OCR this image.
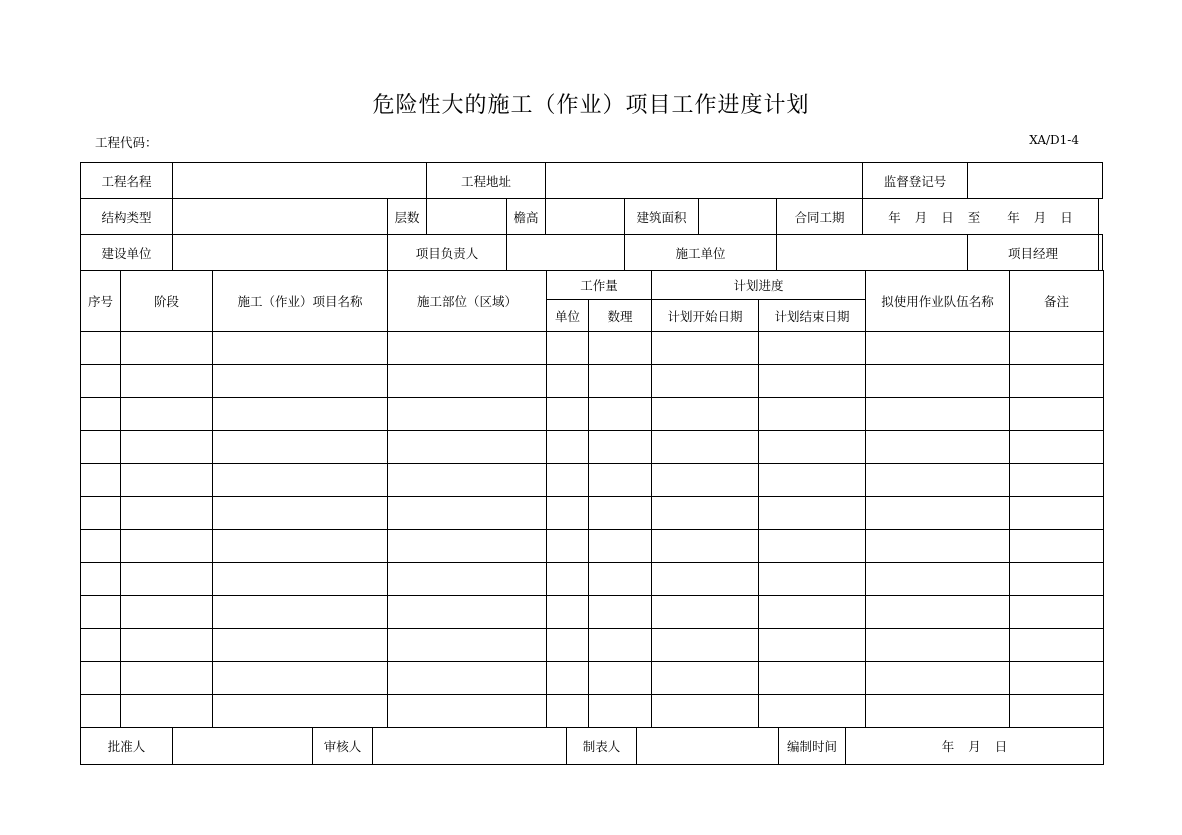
危险性大的施工（作业）项目工作进度计划
工程代码：	XA/D1-4
工程名程			工程地址						监督登记号		
结构类型		层数		檐高		建筑面积		合同工期	年 月 日 至 年 月 日		
建设单位		项目负责人				施工单位				项目经理	
序号	阶段	施工（作业）项目名称	施工部位（区域）	工作量		计划进度		拟使用作业队伍名称	备注
				单位	数理	计划开始日期	计划结束日期		

批准人		审核人		制表人		编制时间	年 月 日
